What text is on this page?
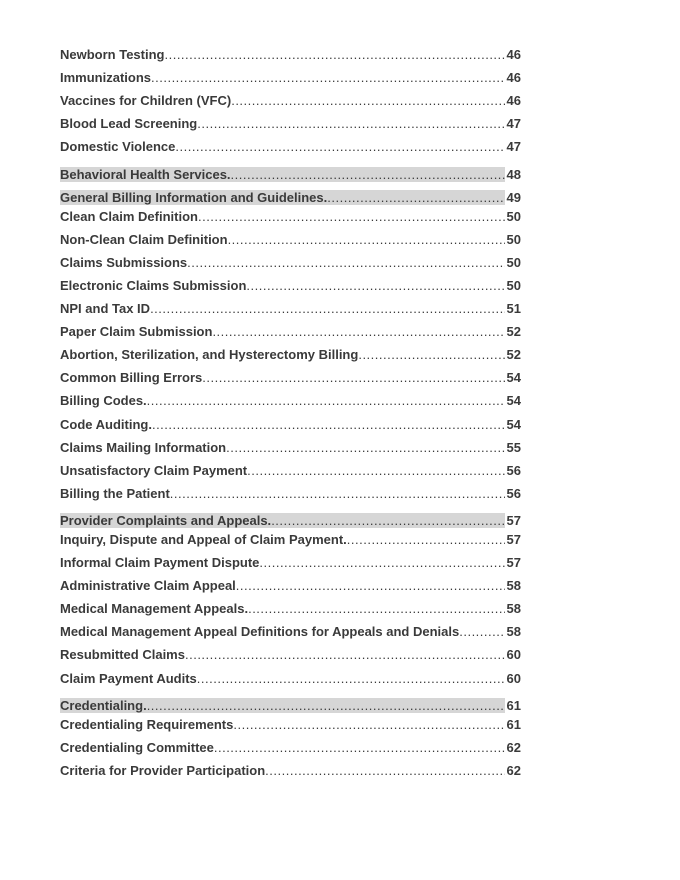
Newborn Testing .....	46
Immunizations .....	46
Vaccines for Children (VFC) .....	46
Blood Lead Screening .....	47
Domestic Violence .....	47
Behavioral Health Services. .....	48
General Billing Information and Guidelines. .....	49
Clean Claim Definition .....	50
Non-Clean Claim Definition .....	50
Claims Submissions .....	50
Electronic Claims Submission .....	50
NPI and Tax ID .....	51
Paper Claim Submission .....	52
Abortion, Sterilization, and Hysterectomy Billing .....	52
Common Billing Errors .....	54
Billing Codes. .....	54
Code Auditing. .....	54
Claims Mailing Information .....	55
Unsatisfactory Claim Payment .....	56
Billing the Patient .....	56
Provider Complaints and Appeals. .....	57
Inquiry, Dispute and Appeal of Claim Payment. .....	57
Informal Claim Payment Dispute .....	57
Administrative Claim Appeal .....	58
Medical Management Appeals. .....	58
Medical Management Appeal Definitions for Appeals and Denials .....	58
Resubmitted Claims .....	60
Claim Payment Audits .....	60
Credentialing. .....	61
Credentialing Requirements .....	61
Credentialing Committee .....	62
Criteria for Provider Participation .....	62
